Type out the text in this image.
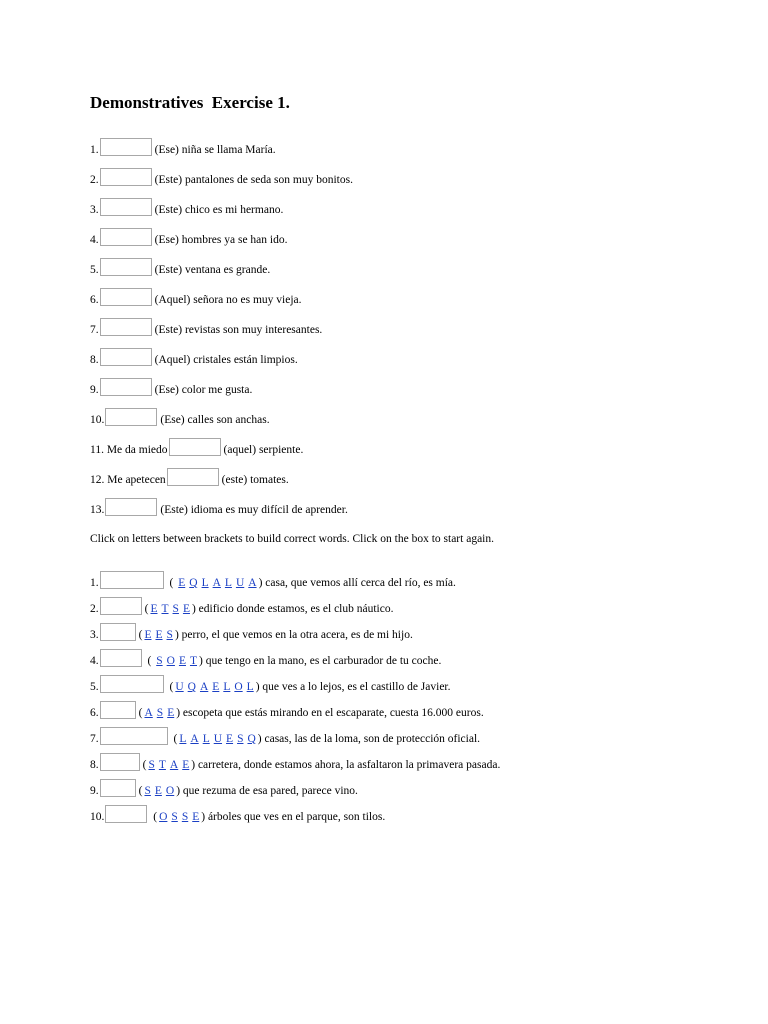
Demonstratives  Exercise 1.
1.	(Ese) niña se llama María.
2.	(Este) pantalones de seda son muy bonitos.
3.	(Este) chico es mi hermano.
4.	(Ese) hombres ya se han ido.
5.	(Este) ventana es grande.
6.	(Aquel) señora no es muy vieja.
7.	(Este) revistas son muy interesantes.
8.	(Aquel) cristales están limpios.
9.	(Ese) color me gusta.
10.	(Ese) calles son anchas.
11. Me da miedo	(aquel) serpiente.
12. Me apetecen	(este) tomates.
13.	(Este) idioma es muy difícil de aprender.
Click on letters between brackets to build correct words. Click on the box to start again.
1.	( E Q L A L U A ) casa, que vemos allí cerca del río, es mía.
2.	( E T S E ) edificio donde estamos, es el club náutico.
3.	( E E S ) perro, el que vemos en la otra acera, es de mi hijo.
4.	( S O E T ) que tengo en la mano, es el carburador de tu coche.
5.	( U Q A E L O L ) que ves a lo lejos, es el castillo de Javier.
6.	( A S E ) escopeta que estás mirando en el escaparate, cuesta 16.000 euros.
7.	( L A L U E S Q ) casas, las de la loma, son de protección oficial.
8.	( S T A E ) carretera, donde estamos ahora, la asfaltaron la primavera pasada.
9.	( S E O ) que rezuma de esa pared, parece vino.
10.	( O S S E ) árboles que ves en el parque, son tilos.
